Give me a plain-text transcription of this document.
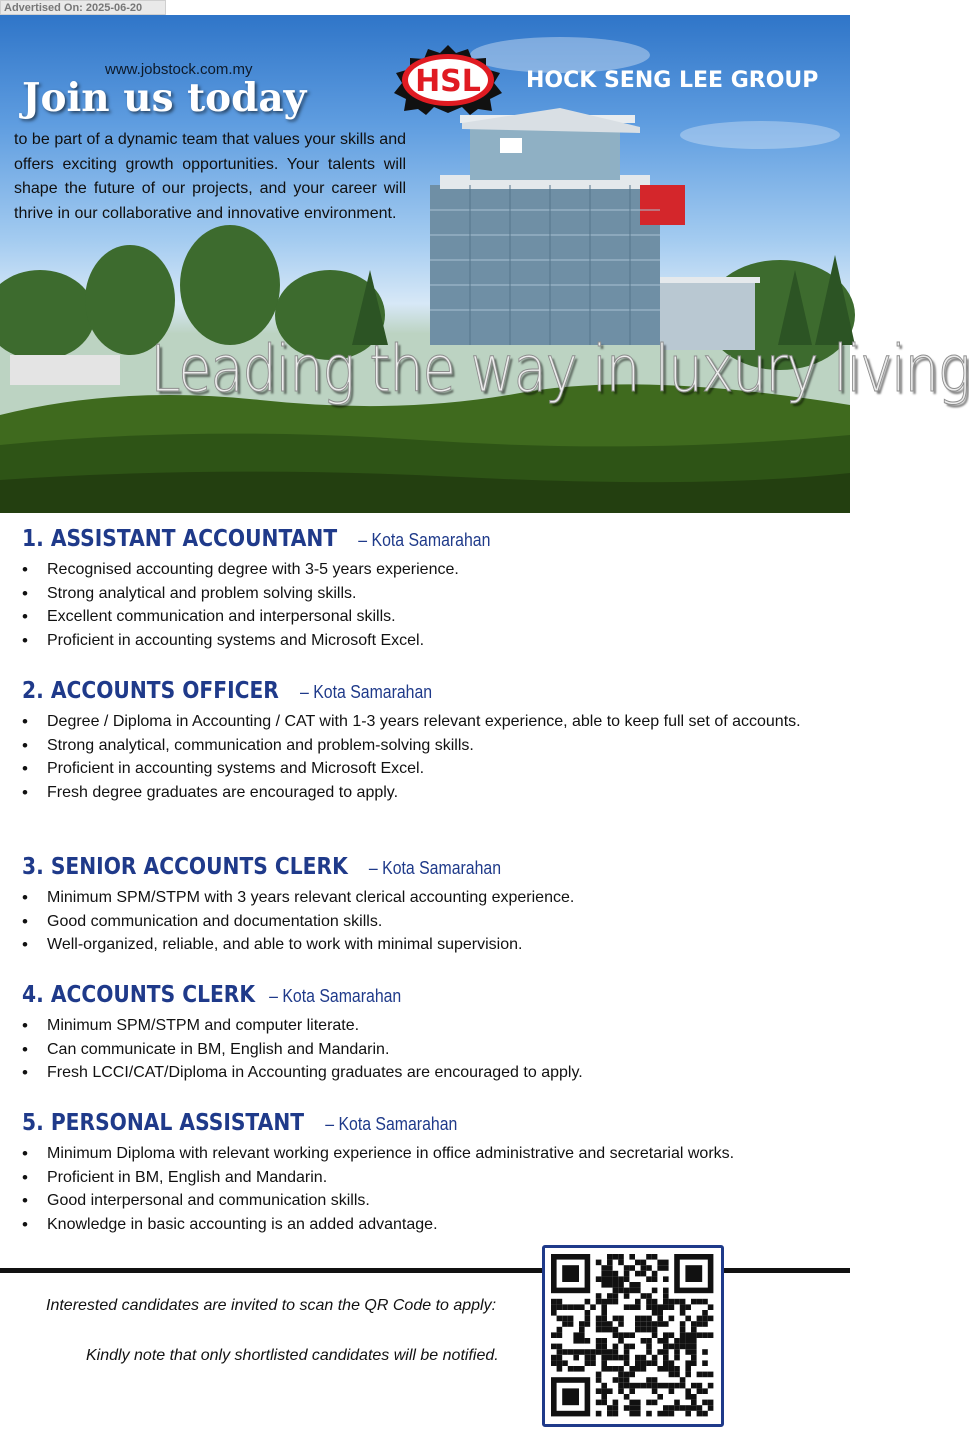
Advertised On: 2025-06-20
www.jobstock.com.my
Join us today
to be part of a dynamic team that values your skills and offers exciting growth opportunities. Your talents will shape the future of our projects, and your career will thrive in our collaborative and innovative environment.
HSL HOCK SENG LEE GROUP
Leading the way in luxury living
1. ASSISTANT ACCOUNTANT – Kota Samarahan
• Recognised accounting degree with 3-5 years experience.
• Strong analytical and problem solving skills.
• Excellent communication and interpersonal skills.
• Proficient in accounting systems and Microsoft Excel.
2. ACCOUNTS OFFICER – Kota Samarahan
• Degree / Diploma in Accounting / CAT with 1-3 years relevant experience, able to keep full set of accounts.
• Strong analytical, communication and problem-solving skills.
• Proficient in accounting systems and Microsoft Excel.
• Fresh degree graduates are encouraged to apply.
3. SENIOR ACCOUNTS CLERK – Kota Samarahan
• Minimum SPM/STPM with 3 years relevant clerical accounting experience.
• Good communication and documentation skills.
• Well-organized, reliable, and able to work with minimal supervision.
4. ACCOUNTS CLERK – Kota Samarahan
• Minimum SPM/STPM and computer literate.
• Can communicate in BM, English and Mandarin.
• Fresh LCCI/CAT/Diploma in Accounting graduates are encouraged to apply.
5. PERSONAL ASSISTANT – Kota Samarahan
• Minimum Diploma with relevant working experience in office administrative and secretarial works.
• Proficient in BM, English and Mandarin.
• Good interpersonal and communication skills.
• Knowledge in basic accounting is an added advantage.
Interested candidates are invited to scan the QR Code to apply:
Kindly note that only shortlisted candidates will be notified.
